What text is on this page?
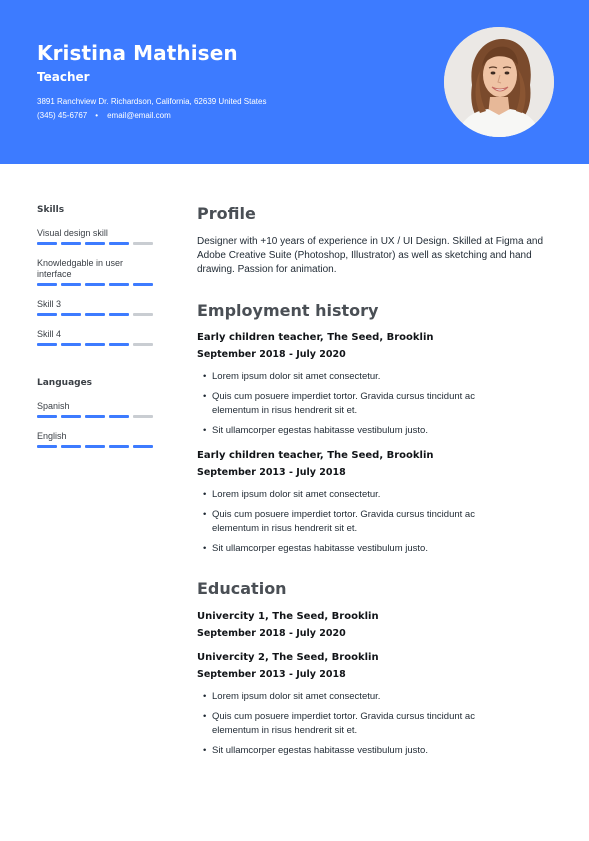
Kristina Mathisen
Teacher
3891 Ranchview Dr. Richardson, California, 62639 United States
(345) 45-6767 • email@email.com
Skills
Visual design skill
Knowledgable in user interface
Skill 3
Skill 4
Languages
Spanish
English
Profile
Designer with +10 years of experience in UX / UI Design. Skilled at Figma and Adobe Creative Suite (Photoshop, Illustrator) as well as sketching and hand drawing. Passion for animation.
Employment history
Early children teacher, The Seed, Brooklin
September 2018 - July 2020
• Lorem ipsum dolor sit amet consectetur.
• Quis cum posuere imperdiet tortor. Gravida cursus tincidunt ac elementum in risus hendrerit sit et.
• Sit ullamcorper egestas habitasse vestibulum justo.
Early children teacher, The Seed, Brooklin
September 2013 - July 2018
• Lorem ipsum dolor sit amet consectetur.
• Quis cum posuere imperdiet tortor. Gravida cursus tincidunt ac elementum in risus hendrerit sit et.
• Sit ullamcorper egestas habitasse vestibulum justo.
Education
Univercity 1, The Seed, Brooklin
September 2018 - July 2020
Univercity 2, The Seed, Brooklin
September 2013 - July 2018
• Lorem ipsum dolor sit amet consectetur.
• Quis cum posuere imperdiet tortor. Gravida cursus tincidunt ac elementum in risus hendrerit sit et.
• Sit ullamcorper egestas habitasse vestibulum justo.
